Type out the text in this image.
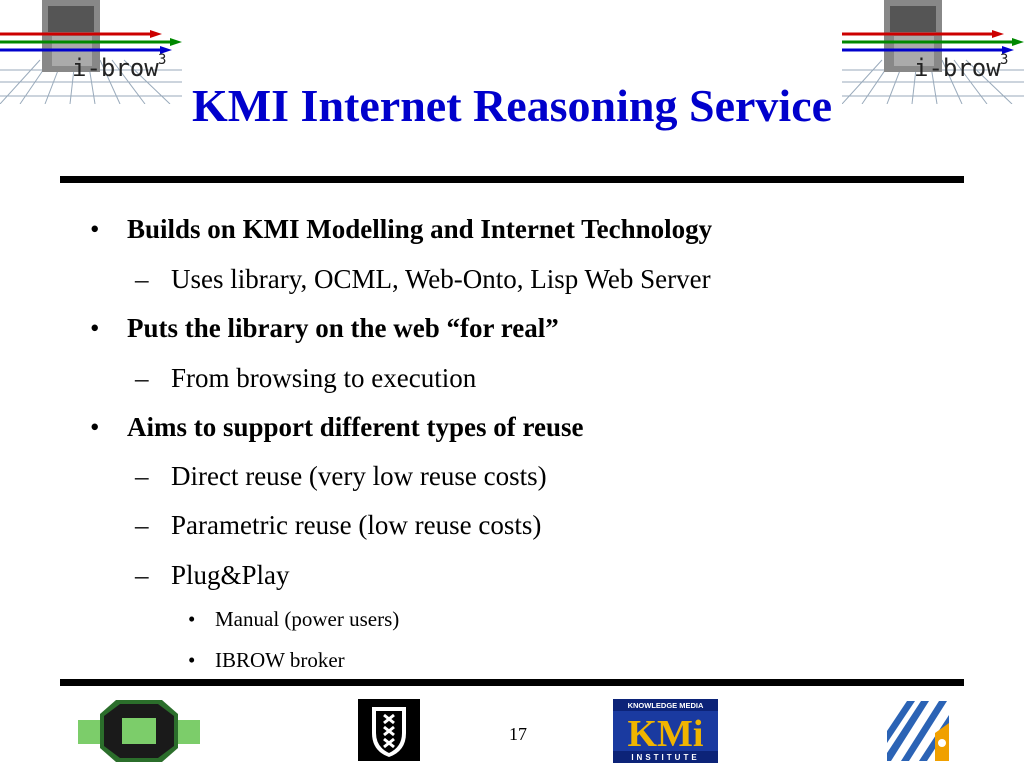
i-brow 3	i-brow 3
KMI Internet Reasoning Service
• Builds on KMI Modelling and Internet Technology
– Uses library, OCML, Web-Onto, Lisp Web Server
• Puts the library on the web “for real”
– From browsing to execution
• Aims to support different types of reuse
– Direct reuse (very low reuse costs)
– Parametric reuse (low reuse costs)
– Plug&Play
• Manual (power users)
• IBROW broker
17
KNOWLEDGE MEDIA
KMi
INSTITUTE
